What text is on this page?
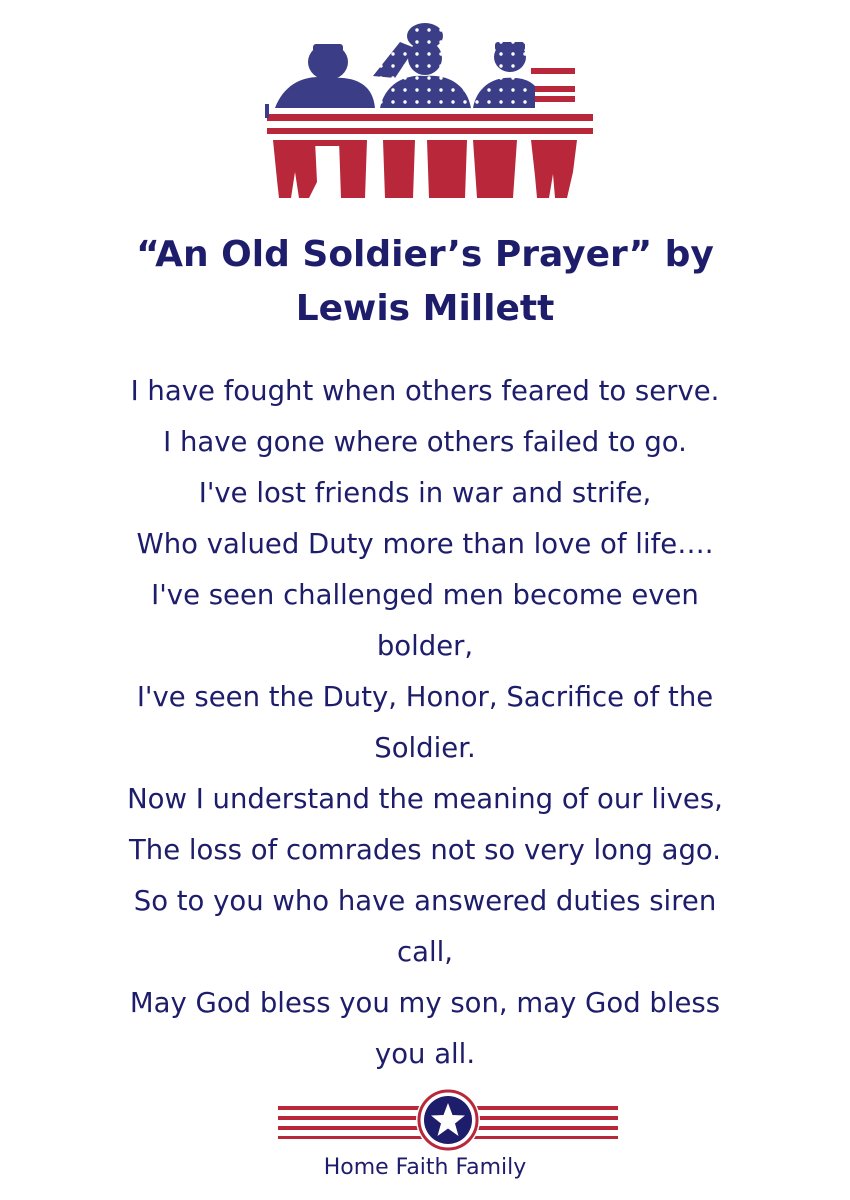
“An Old Soldier’s Prayer” by
Lewis Millett
I have fought when others feared to serve.
I have gone where others failed to go.
I've lost friends in war and strife,
Who valued Duty more than love of life….
I've seen challenged men become even
bolder,
I've seen the Duty, Honor, Sacrifice of the
Soldier.
Now I understand the meaning of our lives,
The loss of comrades not so very long ago.
So to you who have answered duties siren
call,
May God bless you my son, may God bless
you all.
Home Faith Family
